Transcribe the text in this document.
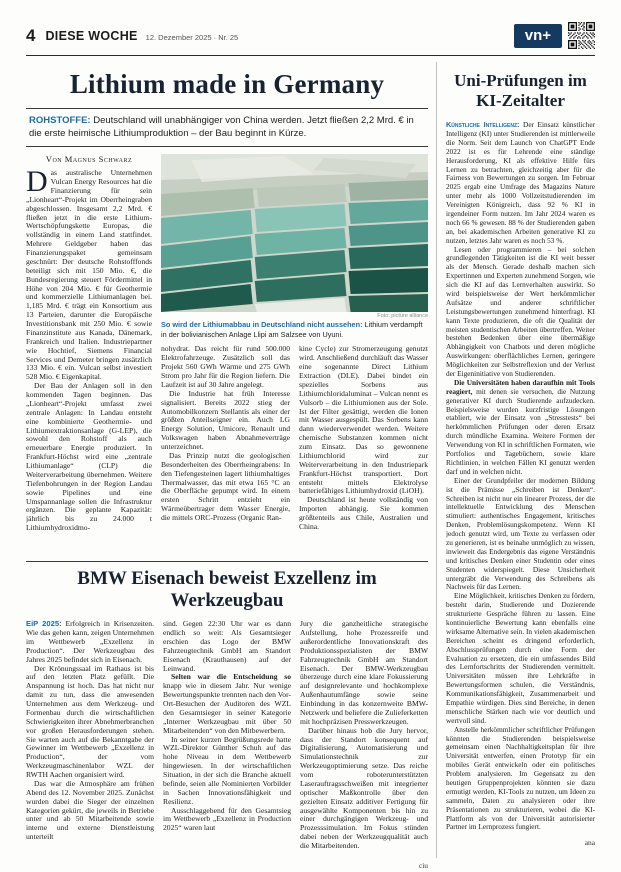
4 DIESE WOCHE 12. Dezember 2025 · Nr. 25	vn+
Lithium made in Germany
ROHSTOFFE: Deutschland will unabhängiger von China werden. Jetzt fließen 2,2 Mrd. € in die erste heimische Lithiumproduktion – der Bau beginnt in Kürze.
Von Magnus Schwarz

Das australische Unternehmen Vulcan Energy Resources hat die Finanzierung für sein „Lionheart“-Projekt im Oberrheingraben abgeschlossen. Insgesamt 2,2 Mrd. € fließen jetzt in die erste Lithium-Wertschöpfungskette Europas, die vollständig in einem Land stattfindet. Mehrere Geldgeber haben das Finanzierungspaket gemeinsam geschnürt: Der deutsche Rohstofffonds beteiligt sich mit 150 Mio. €, die Bundesregierung steuert Fördermittel in Höhe von 204 Mio. € für Geothermie und kommerzielle Lithiumanlagen bei. 1,185 Mrd. € trägt ein Konsortium aus 13 Parteien, darunter die Europäische Investitionsbank mit 250 Mio. € sowie Finanzinstitute aus Kanada, Dänemark, Frankreich und Italien. Industriepartner wie Hochtief, Siemens Financial Services und Demeter bringen zusätzlich 133 Mio. € ein. Vulcan selbst investiert 528 Mio. € Eigenkapital.

Der Bau der Anlagen soll in den kommenden Tagen beginnen. Das „Lionheart“-Projekt umfasst zwei zentrale Anlagen: In Landau entsteht eine kombinierte Geothermie- und Lithiumextraktionsanlage (G-LEP), die sowohl den Rohstoff als auch erneuerbare Energie produziert. In Frankfurt-Höchst wird eine „zentrale Lithiumanlage“ (CLP) die Weiterverarbeitung übernehmen. Weitere Tiefenbohrungen in der Region Landau sowie Pipelines und eine Umspannanlage sollen die Infrastruktur ergänzen. Die geplante Kapazität: jährlich bis zu 24.000 t Lithiumhydroxidmo-

Foto: picture alliance
So wird der Lithiumabbau in Deutschland nicht aussehen: Lithium verdampft in der bolivianischen Anlage Llipi am Salzsee von Uyuni.

nohydrat. Das reicht für rund 500.000 Elektrofahrzeuge. Zusätzlich soll das Projekt 560 GWh Wärme und 275 GWh Strom pro Jahr für die Region liefern. Die Laufzeit ist auf 30 Jahre angelegt.

Die Industrie hat früh Interesse signalisiert. Bereits 2022 stieg der Automobilkonzern Stellantis als einer der größten Anteilseigner ein. Auch LG Energy Solution, Umicore, Renault und Volkswagen haben Abnahmeverträge unterzeichnet.

Das Prinzip nutzt die geologischen Besonderheiten des Oberrheingrabens: In den Tiefengesteinen lagert lithiumhaltiges Thermalwasser, das mit etwa 165 °C an die Oberfläche gepumpt wird. In einem ersten Schritt entzieht ein Wärmeübertrager dem Wasser Energie, die mittels ORC-Prozess (Organic Ran-

kine Cycle) zur Stromerzeugung genutzt wird. Anschließend durchläuft das Wasser eine sogenannte Direct Lithium Extraction (DLE). Dabei bindet ein spezielles Sorbens aus Lithiumchloridaluminat – Vulcan nennt es Vulsorb – die Lithiumionen aus der Sole. Ist der Filter gesättigt, werden die Ionen mit Wasser ausgespült. Das Sorbens kann dann wiederverwendet werden. Weitere chemische Substanzen kommen nicht zum Einsatz. Das so gewonnene Lithiumchlorid wird zur Weiterverarbeitung in den Industriepark Frankfurt-Höchst transportiert. Dort entsteht mittels Elektrolyse batteriefähiges Lithiumhydroxid (LiOH).

Deutschland ist heute vollständig von Importen abhängig. Sie kommen größtenteils aus Chile, Australien und China.

BMW Eisenach beweist Exzellenz im Werkzeugbau

EiP 2025: Erfolgreich in Krisenzeiten. Wie das gehen kann, zeigen Unternehmen im Wettbewerb „Exzellenz in Production“. Der Werkzeugbau des Jahres 2025 befindet sich in Eisenach.

Der Krönungssaal im Rathaus ist bis auf den letzten Platz gefüllt. Die Anspannung ist hoch. Das hat nicht nur damit zu tun, dass die anwesenden Unternehmen aus dem Werkzeug- und Formenbau durch die wirtschaftlichen Schwierigkeiten ihrer Abnehmerbranchen vor großen Herausforderungen stehen. Sie warten auch auf die Bekanntgabe der Gewinner im Wettbewerb „Exzellenz in Production“, der vom Werkzeugmaschinenlabor WZL der RWTH Aachen organisiert wird.

Das war die Atmosphäre am frühen Abend des 12. November 2025. Zunächst wurden dabei die Sieger der einzelnen Kategorien gekürt, die jeweils in Betriebe unter und ab 50 Mitarbeitende sowie interne und externe Dienstleistung unterteilt

sind. Gegen 22:30 Uhr war es dann endlich so weit: Als Gesamtsieger erschien das Logo der BMW Fahrzeugtechnik GmbH am Standort Eisenach (Krauthausen) auf der Leinwand.

Selten war die Entscheidung so knapp wie in diesem Jahr. Nur wenige Bewertungspunkte trennten nach den Vor-Ort-Besuchen der Auditoren des WZL den Gesamtsieger in seiner Kategorie „Interner Werkzeugbau mit über 50 Mitarbeitenden“ von den Mitbewerbern.

In seiner kurzen Begrüßungsrede hatte WZL-Direktor Günther Schuh auf das hohe Niveau in dem Wettbewerb hingewiesen. In der wirtschaftlichen Situation, in der sich die Branche aktuell befinde, seien alle Nominierten Vorbilder in Sachen Innovationsfähigkeit und Resilienz.

Ausschlaggebend für den Gesamtsieg im Wettbewerb „Exzellenz in Production 2025“ waren laut

Jury die ganzheitliche strategische Aufstellung, hohe Prozessreife und außerordentliche Innovationskraft des Produktionsspezialisten der BMW Fahrzeugtechnik GmbH am Standort Eisenach. Der BMW-Werkzeugbau überzeuge durch eine klare Fokussierung auf designrelevante und hochkomplexe Außenhautumfänge sowie seine Einbindung in das konzernweite BMW-Netzwerk und beliefere die Zulieferketten mit hochpräzisen Presswerkzeugen.

Darüber hinaus hob die Jury hervor, dass der Standort konsequent auf Digitalisierung, Automatisierung und Simulationstechnik zur Werkzeugoptimierung setze. Das reiche vom roboterunterstützten Laserauftragsschweißen mit integrierter optischer Maßkontrolle über den gezielten Einsatz additiver Fertigung für ausgewählte Komponenten bis hin zu einer durchgängigen Werkzeug- und Prozesssimulation. Im Fokus stünden dabei neben der Werkzeugqualität auch die Mitarbeitenden.

ciu
Uni-Prüfungen im KI-Zeitalter

Künstliche Intelligenz: Der Einsatz künstlicher Intelligenz (KI) unter Studierenden ist mittlerweile die Norm. Seit dem Launch von ChatGPT Ende 2022 ist es für Lehrende eine ständige Herausforderung, KI als effektive Hilfe fürs Lernen zu betrachten, gleichzeitig aber für die Fairness von Bewertungen zu sorgen. Im Februar 2025 ergab eine Umfrage des Magazins Nature unter mehr als 1000 Vollzeitstudierenden im Vereinigten Königreich, dass 92 % KI in irgendeiner Form nutzen. Im Jahr 2024 waren es noch 66 % gewesen. 88 % der Studierenden gaben an, bei akademischen Arbeiten generative KI zu nutzen, letztes Jahr waren es noch 53 %.

Lesen oder programmieren – bei solchen grundlegenden Tätigkeiten ist die KI weit besser als der Mensch. Gerade deshalb machen sich Expertinnen und Experten zunehmend Sorgen, wie sich die KI auf das Lernverhalten auswirkt. So wird beispielsweise der Wert herkömmlicher Aufsätze und anderer schriftlicher Leistungsbewertungen zunehmend hinterfragt. KI kann Texte produzieren, die oft die Qualität der meisten studentischen Arbeiten übertreffen. Weiter bestehen Bedenken über eine übermäßige Abhängigkeit von Chatbots und deren mögliche Auswirkungen: oberflächliches Lernen, geringere Möglichkeiten zur Selbstreflexion und der Verlust der Eigeninitiative von Studierenden.

Die Universitäten haben daraufhin mit Tools reagiert, mit denen sie versuchen, die Nutzung generativer KI durch Studierende aufzudecken. Beispielsweise wurden kurzfristige Lösungen etabliert, wie der Einsatz von „Stresstests“ bei herkömmlichen Prüfungen oder deren Ersatz durch mündliche Examina. Weitere Formen der Verwendung von KI in schriftlichen Formaten, wie Portfolios und Tagebüchern, sowie klare Richtlinien, in welchen Fällen KI genutzt werden darf und in welchen nicht.

Einer der Grundpfeiler der modernen Bildung ist die Prämisse „Schreiben ist Denken“. Schreiben ist nicht nur ein linearer Prozess, der die intellektuelle Entwicklung des Menschen stimuliert: authentisches Engagement, kritisches Denken, Problemlösungskompetenz. Wenn KI jedoch genutzt wird, um Texte zu verfassen oder zu generieren, ist es beinahe unmöglich zu wissen, inwieweit das Endergebnis das eigene Verständnis und kritisches Denken einer Studentin oder eines Studenten widerspiegelt. Diese Unsicherheit untergräbt die Verwendung des Schreibens als Nachweis für das Lernen.

Eine Möglichkeit, kritisches Denken zu fördern, besteht darin, Studierende und Dozierende strukturierte Gespräche führen zu lassen. Eine kontinuierliche Bewertung kann ebenfalls eine wirksame Alternative sein. In vielen akademischen Bereichen scheint es dringend erforderlich, Abschlussprüfungen durch eine Form der Evaluation zu ersetzen, die ein umfassendes Bild des Lernfortschritts der Studierenden vermittelt. Universitäten müssen ihre Lehrkräfte in Bewertungsformen schulen, die Verständnis, Kommunikationsfähigkeit, Zusammenarbeit und Empathie würdigen. Dies sind Bereiche, in denen menschliche Stärken nach wie vor deutlich und wertvoll sind.

Anstelle herkömmlicher schriftlicher Prüfungen könnten die Studierenden beispielsweise gemeinsam einen Nachhaltigkeitsplan für ihre Universität entwerfen, einen Prototyp für ein mobiles Gerät entwickeln oder ein politisches Problem analysieren. Im Gegensatz zu den heutigen Gruppenprojekten könnten sie dazu ermutigt werden, KI-Tools zu nutzen, um Ideen zu sammeln, Daten zu analysieren oder ihre Präsentationen zu strukturieren, wobei die KI-Plattform als von der Universität autorisierter Partner im Lernprozess fungiert.

ana
